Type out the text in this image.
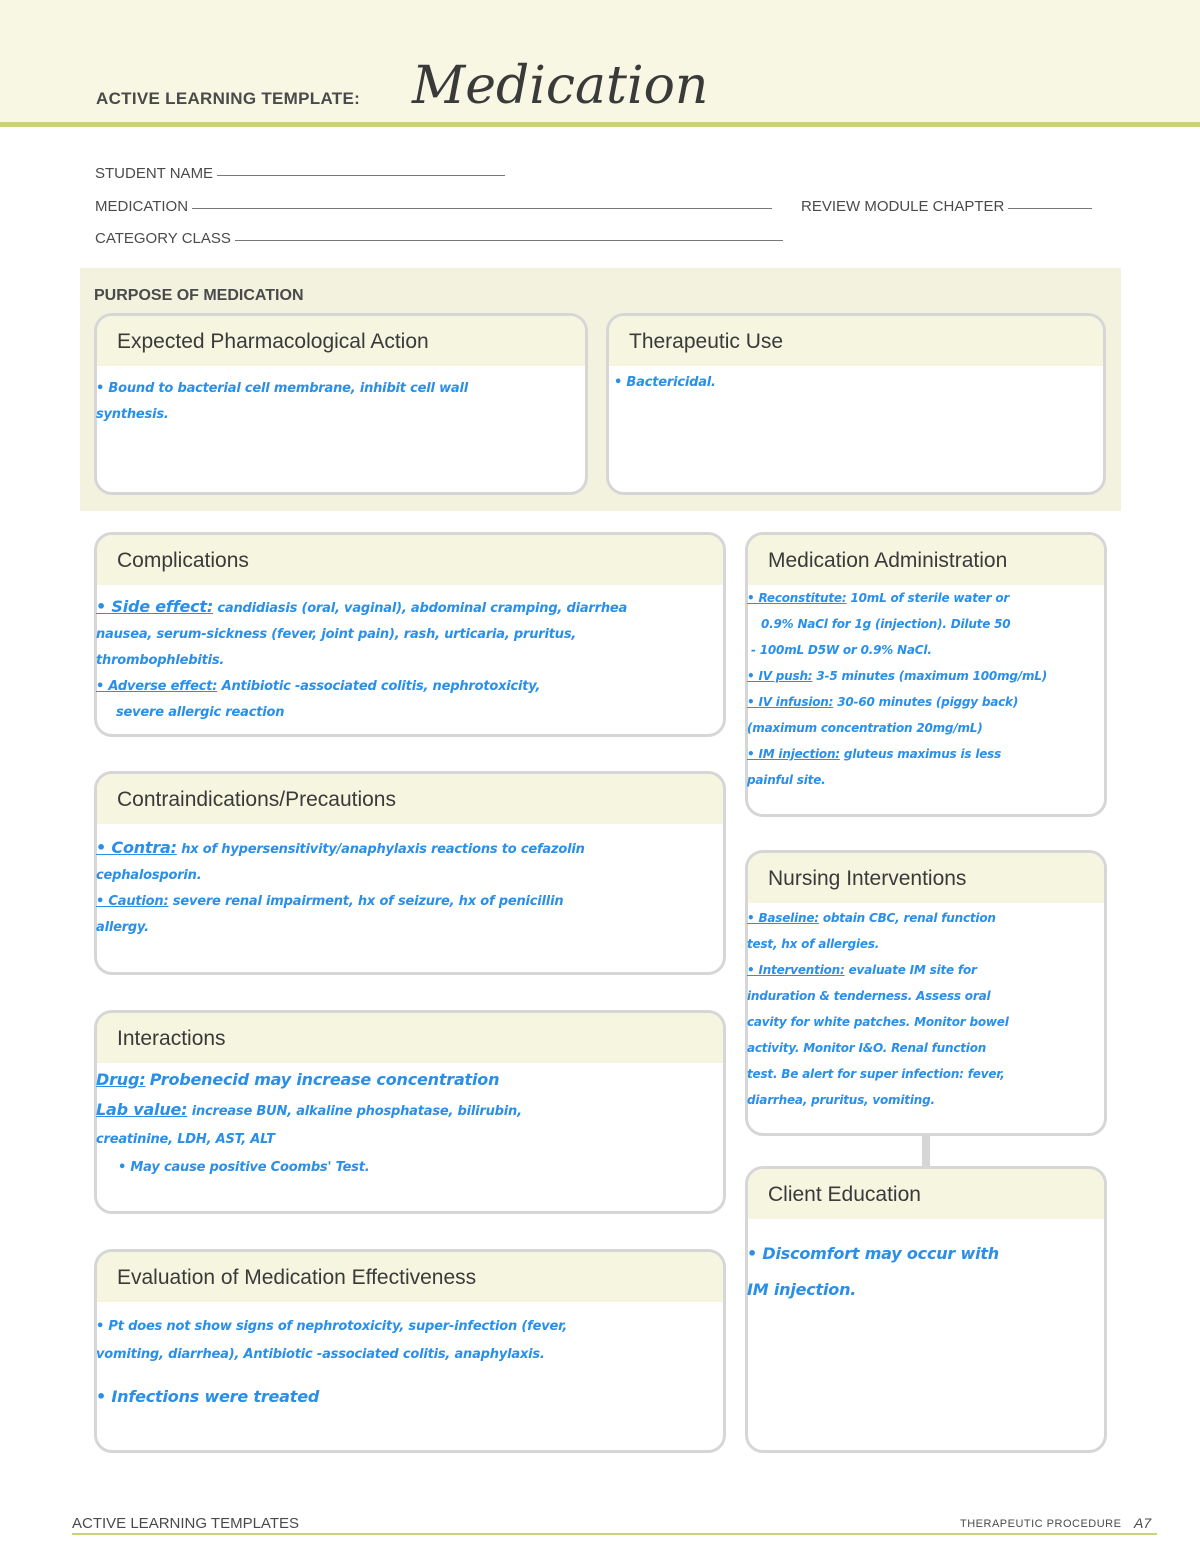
ACTIVE LEARNING TEMPLATE: Medication
STUDENT NAME
MEDICATION	REVIEW MODULE CHAPTER
CATEGORY CLASS
PURPOSE OF MEDICATION
Expected Pharmacological Action

• Bound to bacterial cell membrane, inhibit cell wall

synthesis.

Therapeutic Use

• Bactericidal.

Complications

• Side effect: candidiasis (oral, vaginal), abdominal cramping, diarrhea

nausea, serum-sickness (fever, joint pain), rash, urticaria, pruritus,

thrombophlebitis.

• Adverse effect: Antibiotic -associated colitis, nephrotoxicity,

severe allergic reaction

Contraindications/Precautions

• Contra: hx of hypersensitivity/anaphylaxis reactions to cefazolin

cephalosporin.

• Caution: severe renal impairment, hx of seizure, hx of penicillin

allergy.

Interactions

Drug: Probenecid may increase concentration

Lab value: increase BUN, alkaline phosphatase, bilirubin,

creatinine, LDH, AST, ALT

• May cause positive Coombs' Test.

Evaluation of Medication Effectiveness

• Pt does not show signs of nephrotoxicity, super-infection (fever,

vomiting, diarrhea), Antibiotic -associated colitis, anaphylaxis.

• Infections were treated

Medication Administration

• Reconstitute: 10mL of sterile water or

0.9% NaCl for 1g (injection). Dilute 50

- 100mL D5W or 0.9% NaCl.

• IV push: 3-5 minutes (maximum 100mg/mL)

• IV infusion: 30-60 minutes (piggy back)

(maximum concentration 20mg/mL)

• IM injection: gluteus maximus is less

painful site.

Nursing Interventions

• Baseline: obtain CBC, renal function

test, hx of allergies.

• Intervention: evaluate IM site for

induration & tenderness. Assess oral

cavity for white patches. Monitor bowel

activity. Monitor I&O. Renal function

test. Be alert for super infection: fever,

diarrhea, pruritus, vomiting.

Client Education

• Discomfort may occur with

IM injection.

ACTIVE LEARNING TEMPLATES	THERAPEUTIC PROCEDURE A7
